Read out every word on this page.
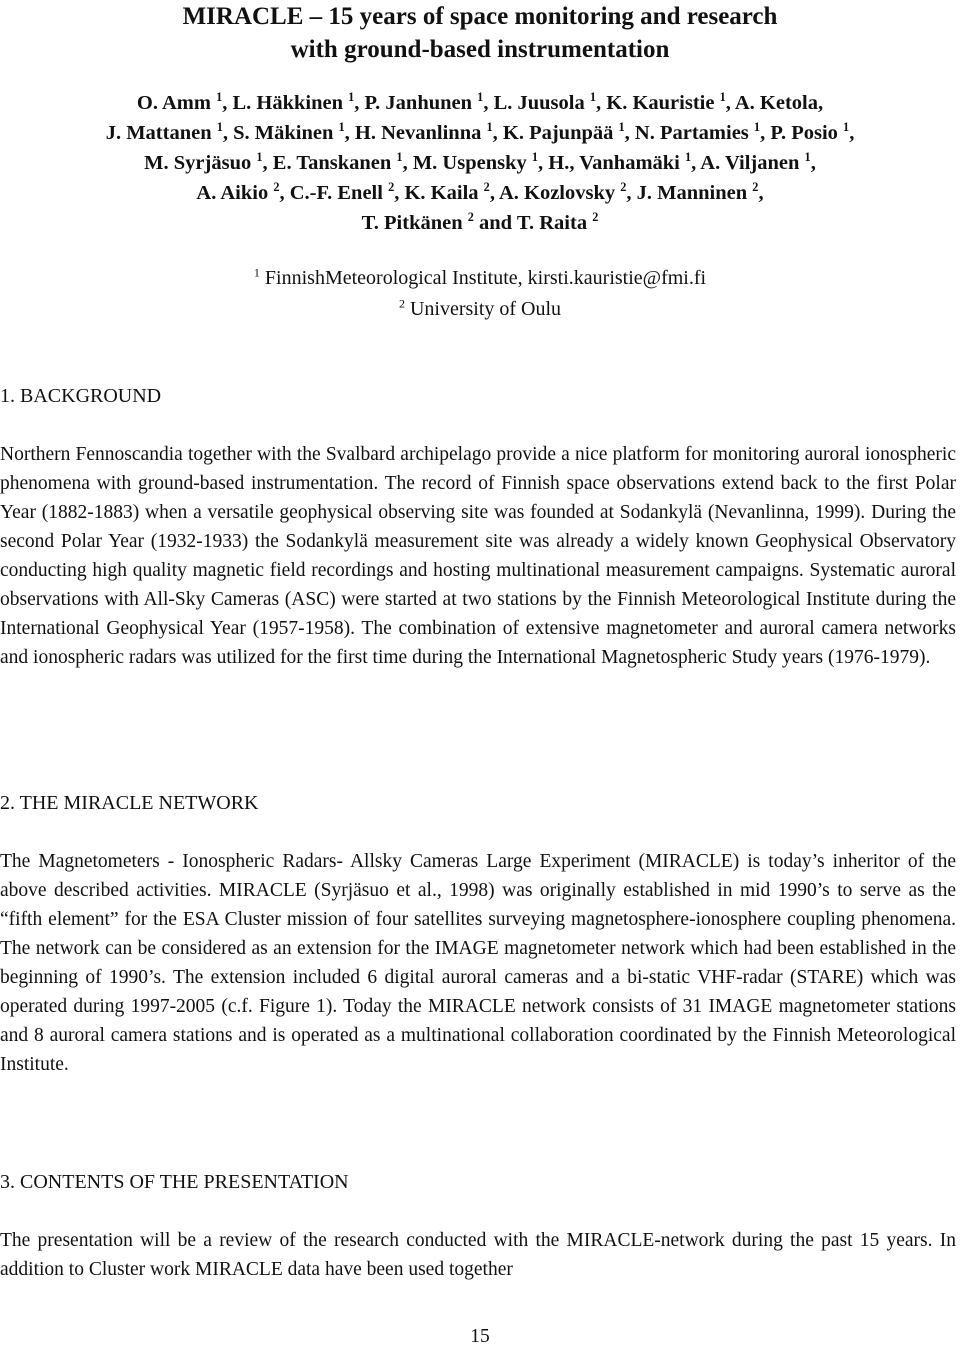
MIRACLE – 15 years of space monitoring and research
with ground-based instrumentation
O. Amm $^1$, L. Häkkinen $^1$, P. Janhunen $^1$, L. Juusola $^1$, K. Kauristie $^1$, A. Ketola,
J. Mattanen $^1$, S. Mäkinen $^1$, H. Nevanlinna $^1$, K. Pajunpää $^1$, N. Partamies $^1$, P. Posio $^1$,
M. Syrjäsuo $^1$, E. Tanskanen $^1$, M. Uspensky $^1$, H., Vanhamäki $^1$, A. Viljanen $^1$,
A. Aikio $^2$, C.-F. Enell $^2$, K. Kaila $^2$, A. Kozlovsky $^2$, J. Manninen $^2$,
T. Pitkänen $^2$ and T. Raita $^2$
$^1$ FinnishMeteorological Institute, kirsti.kauristie@fmi.fi
$^2$ University of Oulu
1. BACKGROUND
Northern Fennoscandia together with the Svalbard archipelago provide a nice platform for monitoring auroral ionospheric phenomena with ground-based instrumentation. The record of Finnish space observations extend back to the first Polar Year (1882-1883) when a versatile geophysical observing site was founded at Sodankylä (Nevanlinna, 1999). During the second Polar Year (1932-1933) the Sodankylä measurement site was already a widely known Geophysical Observatory conducting high quality magnetic field recordings and hosting multinational measurement campaigns. Systematic auroral observations with All-Sky Cameras (ASC) were started at two stations by the Finnish Meteorological Institute during the International Geophysical Year (1957-1958). The combination of extensive magnetometer and auroral camera networks and ionospheric radars was utilized for the first time during the International Magnetospheric Study years (1976-1979).
2. THE MIRACLE NETWORK
The Magnetometers - Ionospheric Radars- Allsky Cameras Large Experiment (MIRACLE) is today’s inheritor of the above described activities. MIRACLE (Syrjäsuo et al., 1998) was originally established in mid 1990’s to serve as the “fifth element” for the ESA Cluster mission of four satellites surveying magnetosphere-ionosphere coupling phenomena. The network can be considered as an extension for the IMAGE magnetometer network which had been established in the beginning of 1990’s. The extension included 6 digital auroral cameras and a bi-static VHF-radar (STARE) which was operated during 1997-2005 (c.f. Figure 1). Today the MIRACLE network consists of 31 IMAGE magnetometer stations and 8 auroral camera stations and is operated as a multinational collaboration coordinated by the Finnish Meteorological Institute.
3. CONTENTS OF THE PRESENTATION
The presentation will be a review of the research conducted with the MIRACLE-network during the past 15 years. In addition to Cluster work MIRACLE data have been used together
15
